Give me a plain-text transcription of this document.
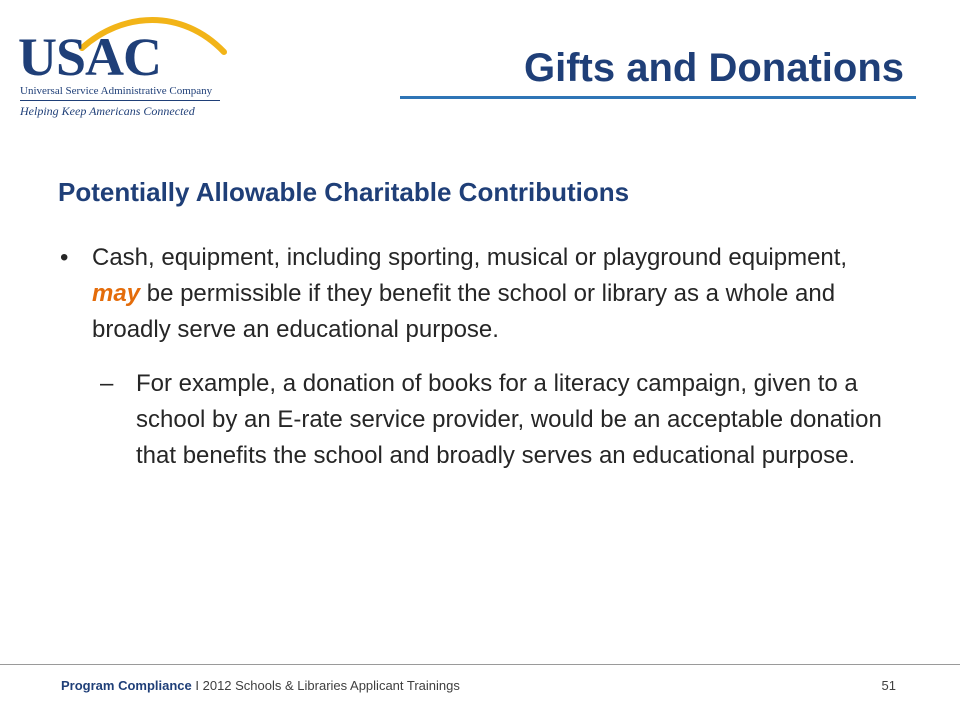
USAC
Universal Service Administrative Company
Helping Keep Americans Connected
Gifts and Donations
Potentially Allowable Charitable Contributions
• Cash, equipment, including sporting, musical or playground equipment, may be permissible if they benefit the school or library as a whole and broadly serve an educational purpose.
– For example, a donation of books for a literacy campaign, given to a school by an E-rate service provider, would be an acceptable donation that benefits the school and broadly serves an educational purpose.
Program Compliance I 2012 Schools & Libraries Applicant Trainings	51
